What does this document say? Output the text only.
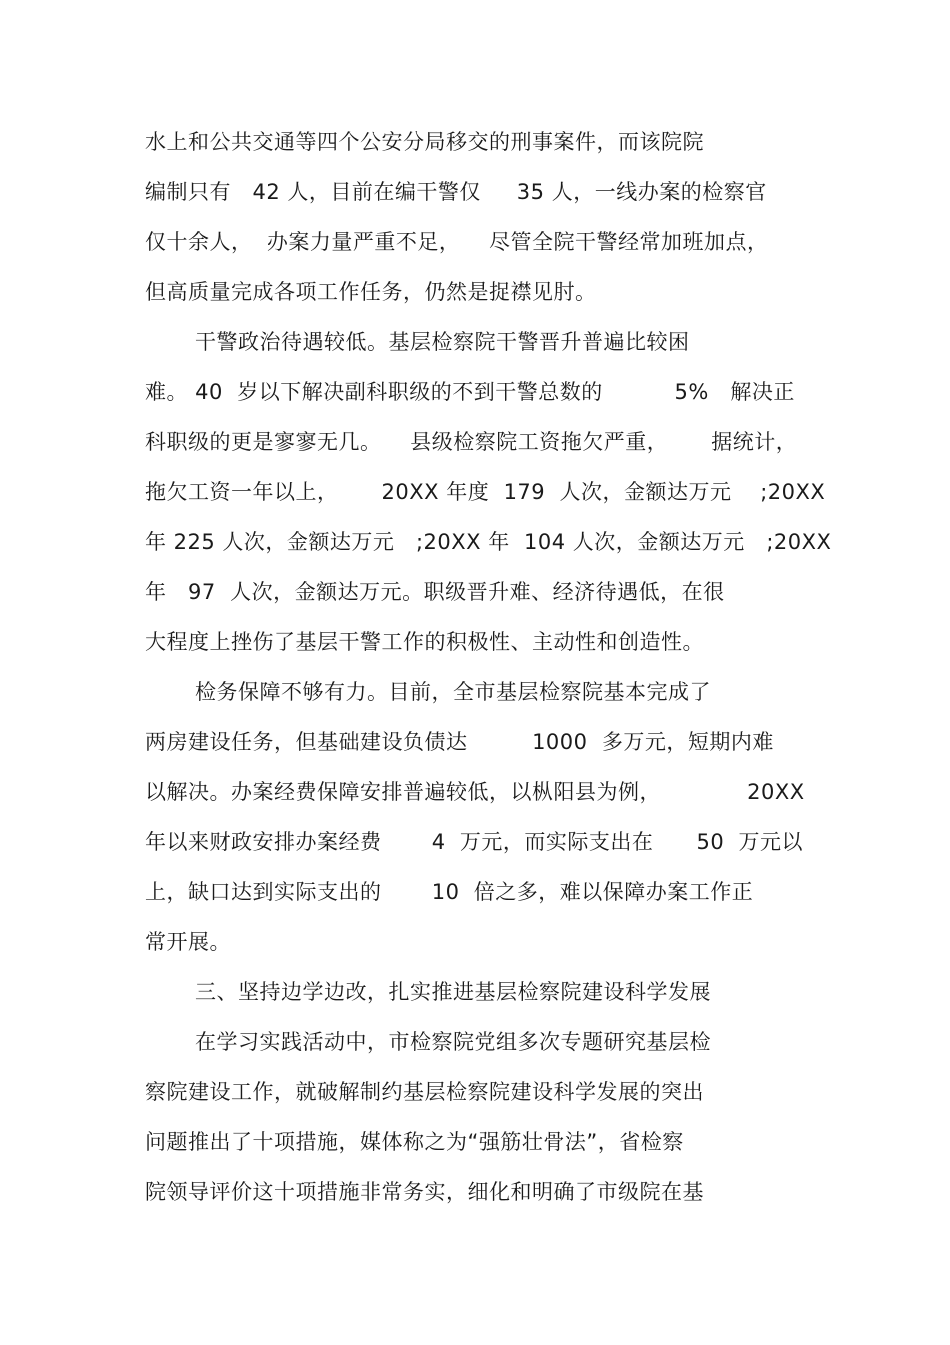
水上和公共交通等四个公安分局移交的刑事案件，而该院院
编制只有   42 人，目前在编干警仅     35 人，一线办案的检察官
仅十余人，  办案力量严重不足，    尽管全院干警经常加班加点，
但高质量完成各项工作任务，仍然是捉襟见肘。
干警政治待遇较低。基层检察院干警晋升普遍比较困
难。 40  岁以下解决副科职级的不到干警总数的          5%   解决正
科职级的更是寥寥无几。    县级检察院工资拖欠严重，      据统计，
拖欠工资一年以上，      20XX 年度  179  人次，金额达万元    ;20XX
年 225 人次，金额达万元   ;20XX 年  104 人次，金额达万元   ;20XX
年   97  人次，金额达万元。职级晋升难、经济待遇低，在很
大程度上挫伤了基层干警工作的积极性、主动性和创造性。
检务保障不够有力。目前，全市基层检察院基本完成了
两房建设任务，但基础建设负债达         1000  多万元，短期内难
以解决。办案经费保障安排普遍较低，以枞阳县为例，            20XX
年以来财政安排办案经费       4  万元，而实际支出在      50  万元以
上，缺口达到实际支出的       10  倍之多，难以保障办案工作正
常开展。
三、坚持边学边改，扎实推进基层检察院建设科学发展
在学习实践活动中，市检察院党组多次专题研究基层检
察院建设工作，就破解制约基层检察院建设科学发展的突出
问题推出了十项措施，媒体称之为“强筋壮骨法”，省检察
院领导评价这十项措施非常务实，细化和明确了市级院在基
